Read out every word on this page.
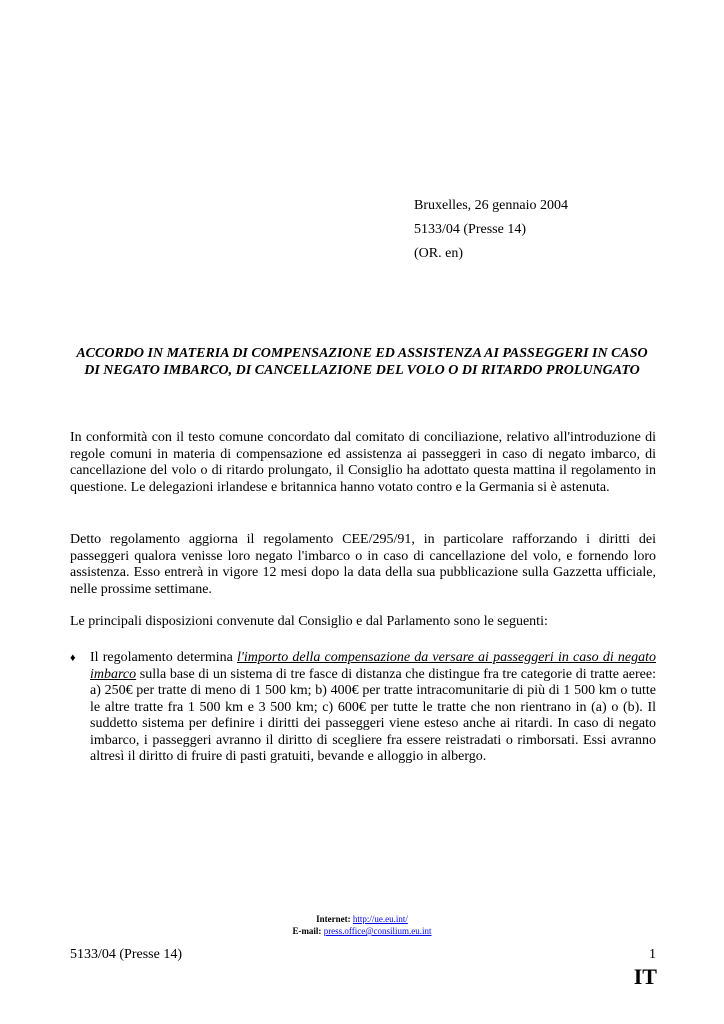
Bruxelles, 26 gennaio 2004
5133/04 (Presse 14)
(OR. en)
ACCORDO IN MATERIA DI COMPENSAZIONE ED ASSISTENZA AI PASSEGGERI IN CASO DI NEGATO IMBARCO, DI CANCELLAZIONE DEL VOLO O DI RITARDO PROLUNGATO
In conformità con il testo comune concordato dal comitato di conciliazione, relativo all'introduzione di regole comuni in materia di compensazione ed assistenza ai passeggeri in caso di negato imbarco, di cancellazione del volo o di ritardo prolungato, il Consiglio ha adottato questa mattina il regolamento in questione. Le delegazioni irlandese e britannica hanno votato contro e la Germania si è astenuta.
Detto regolamento aggiorna il regolamento CEE/295/91, in particolare rafforzando i diritti dei passeggeri qualora venisse loro negato l'imbarco o in caso di cancellazione del volo, e fornendo loro assistenza. Esso entrerà in vigore 12 mesi dopo la data della sua pubblicazione sulla Gazzetta ufficiale, nelle prossime settimane.
Le principali disposizioni convenute dal Consiglio e dal Parlamento sono le seguenti:
♦ Il regolamento determina l'importo della compensazione da versare ai passeggeri in caso di negato imbarco sulla base di un sistema di tre fasce di distanza che distingue fra tre categorie di tratte aeree: a) 250€ per tratte di meno di 1 500 km; b) 400€ per tratte intracomunitarie di più di 1 500 km o tutte le altre tratte fra 1 500 km e 3 500 km; c) 600€ per tutte le tratte che non rientrano in (a) o (b). Il suddetto sistema per definire i diritti dei passeggeri viene esteso anche ai ritardi. In caso di negato imbarco, i passeggeri avranno il diritto di scegliere fra essere reistradati o rimborsati. Essi avranno altresì il diritto di fruire di pasti gratuiti, bevande e alloggio in albergo.
Internet: http://ue.eu.int/
E-mail: press.office@consilium.eu.int
5133/04 (Presse 14)	1
IT
